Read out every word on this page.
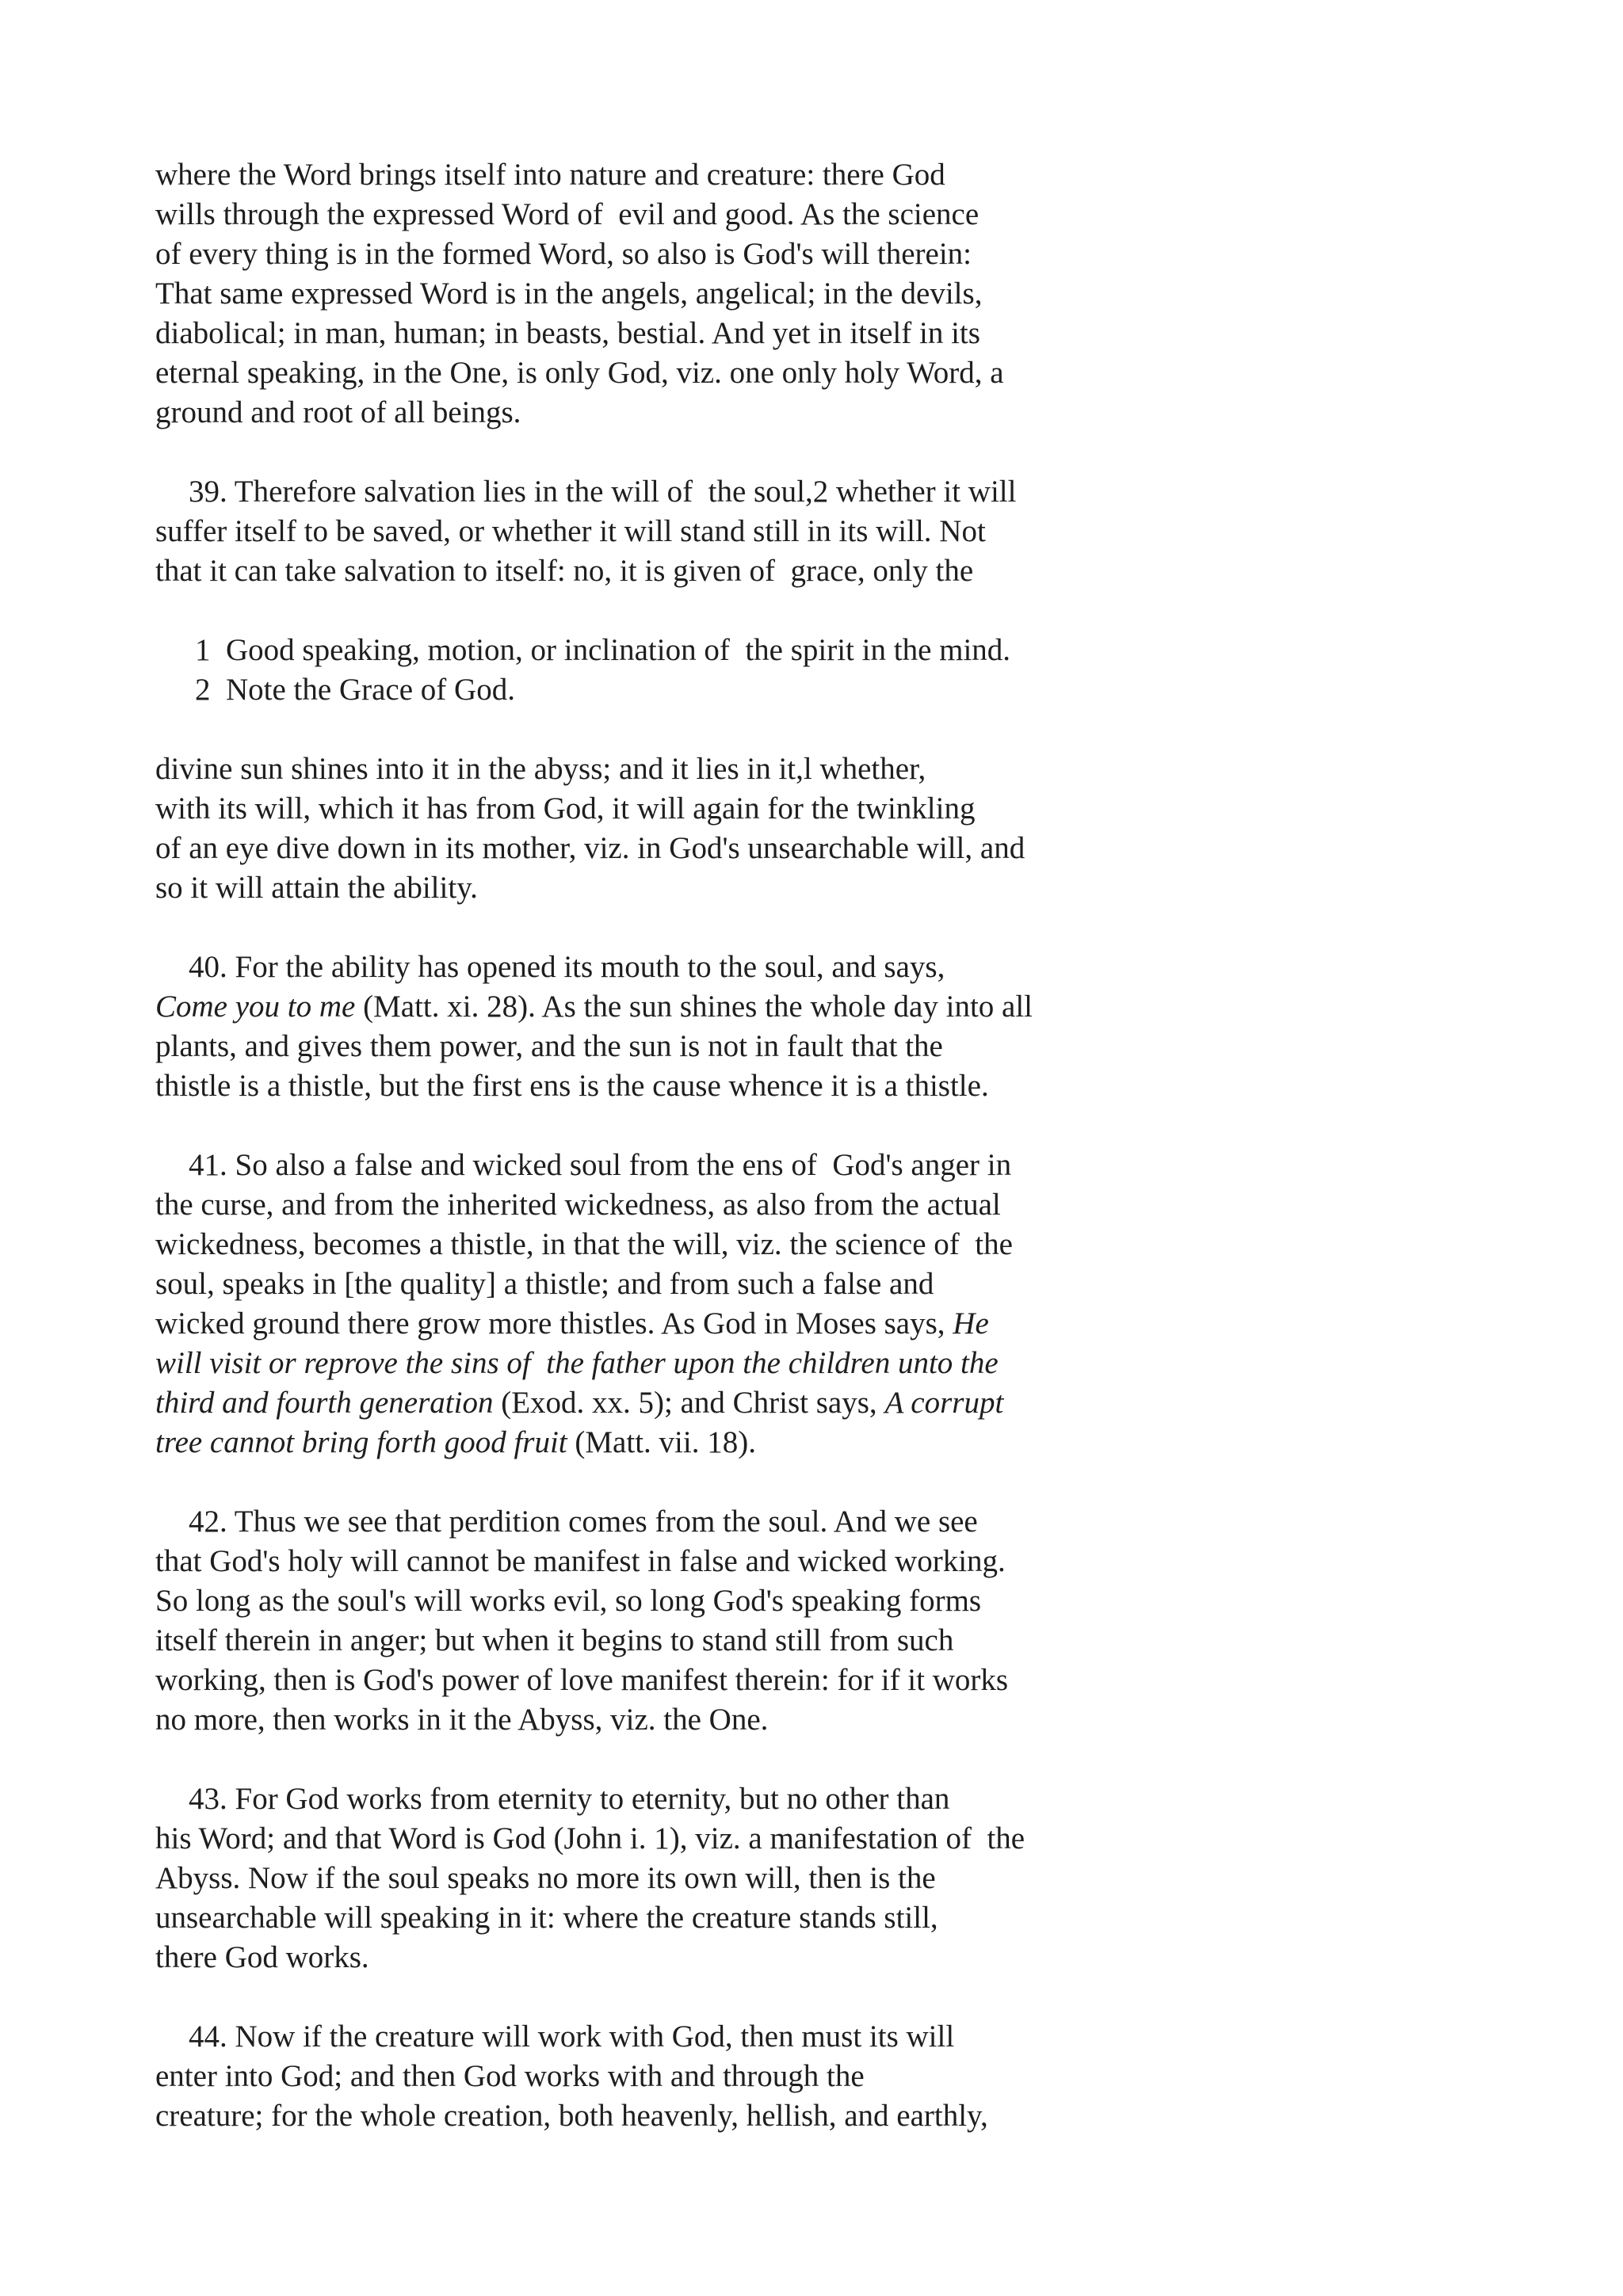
where the Word brings itself into nature and creature: there God
wills through the expressed Word of  evil and good. As the science
of every thing is in the formed Word, so also is God's will therein:
That same expressed Word is in the angels, angelical; in the devils,
diabolical; in man, human; in beasts, bestial. And yet in itself in its
eternal speaking, in the One, is only God, viz. one only holy Word, a
ground and root of all beings.
39. Therefore salvation lies in the will of  the soul,2 whether it will
suffer itself to be saved, or whether it will stand still in its will. Not
that it can take salvation to itself: no, it is given of  grace, only the
1  Good speaking, motion, or inclination of  the spirit in the mind.
2  Note the Grace of God.
divine sun shines into it in the abyss; and it lies in it,l whether,
with its will, which it has from God, it will again for the twinkling
of an eye dive down in its mother, viz. in God's unsearchable will, and
so it will attain the ability.
40. For the ability has opened its mouth to the soul, and says,
Come you to me (Matt. xi. 28). As the sun shines the whole day into all
plants, and gives them power, and the sun is not in fault that the
thistle is a thistle, but the first ens is the cause whence it is a thistle.
41. So also a false and wicked soul from the ens of  God's anger in
the curse, and from the inherited wickedness, as also from the actual
wickedness, becomes a thistle, in that the will, viz. the science of  the
soul, speaks in [the quality] a thistle; and from such a false and
wicked ground there grow more thistles. As God in Moses says, He
will visit or reprove the sins of  the father upon the children unto the
third and fourth generation (Exod. xx. 5); and Christ says, A corrupt
tree cannot bring forth good fruit (Matt. vii. 18).
42. Thus we see that perdition comes from the soul. And we see
that God's holy will cannot be manifest in false and wicked working.
So long as the soul's will works evil, so long God's speaking forms
itself therein in anger; but when it begins to stand still from such
working, then is God's power of love manifest therein: for if it works
no more, then works in it the Abyss, viz. the One.
43. For God works from eternity to eternity, but no other than
his Word; and that Word is God (John i. 1), viz. a manifestation of  the
Abyss. Now if the soul speaks no more its own will, then is the
unsearchable will speaking in it: where the creature stands still,
there God works.
44. Now if the creature will work with God, then must its will
enter into God; and then God works with and through the
creature; for the whole creation, both heavenly, hellish, and earthly,
